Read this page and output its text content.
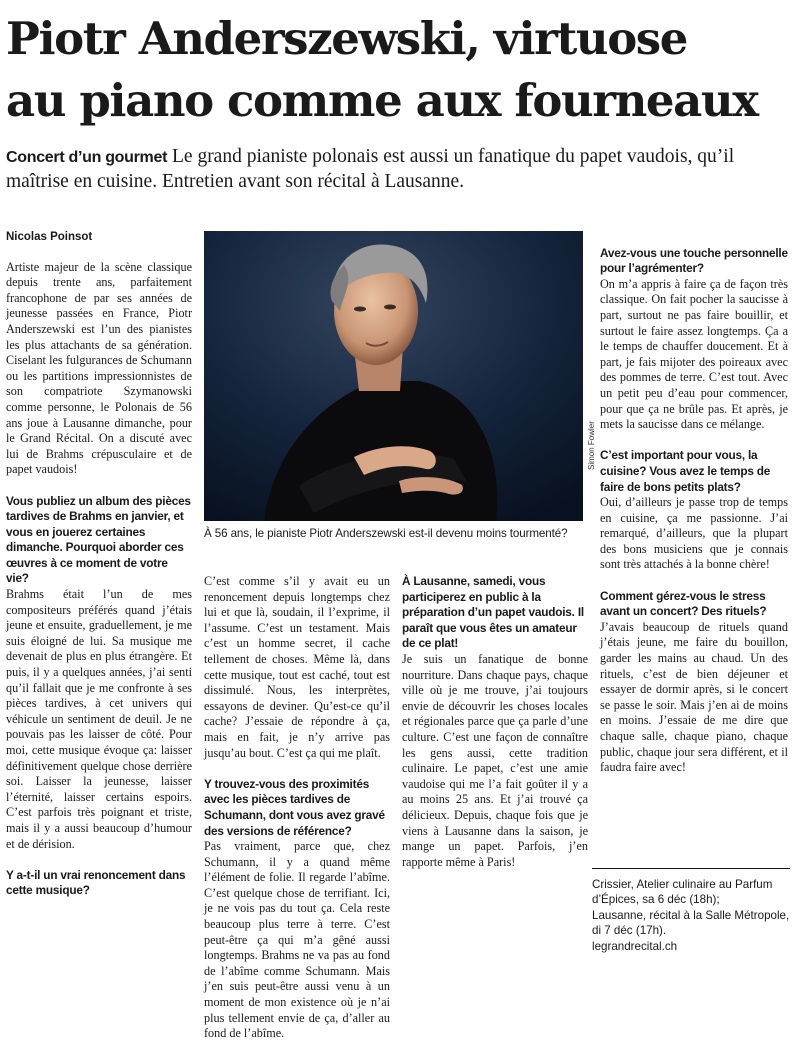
Piotr Anderszewski, virtuose
au piano comme aux fourneaux
Concert d’un gourmet Le grand pianiste polonais est aussi un fanatique du papet vaudois, qu’il maîtrise en cuisine. Entretien avant son récital à Lausanne.
Nicolas Poinsot

Artiste majeur de la scène classique depuis trente ans, parfaitement francophone de par ses années de jeunesse passées en France, Piotr Anderszewski est l’un des pianistes les plus attachants de sa génération. Ciselant les fulgurances de Schumann ou les partitions impressionnistes de son compatriote Szymanowski comme personne, le Polonais de 56 ans joue à Lausanne dimanche, pour le Grand Récital. On a discuté avec lui de Brahms crépusculaire et de papet vaudois!

Vous publiez un album des pièces tardives de Brahms en janvier, et vous en jouerez certaines dimanche. Pourquoi aborder ces œuvres à ce moment de votre vie?

Brahms était l’un de mes compositeurs préférés quand j’étais jeune et ensuite, graduellement, je me suis éloigné de lui. Sa musique me devenait de plus en plus étrangère. Et puis, il y a quelques années, j’ai senti qu’il fallait que je me confronte à ses pièces tardives, à cet univers qui véhicule un sentiment de deuil. Je ne pouvais pas les laisser de côté. Pour moi, cette musique évoque ça: laisser définitivement quelque chose derrière soi. Laisser la jeunesse, laisser l’éternité, laisser certains espoirs. C’est parfois très poignant et triste, mais il y a aussi beaucoup d’humour et de dérision.

Y a-t-il un vrai renoncement dans cette musique?

Simon Fowler
À 56 ans, le pianiste Piotr Anderszewski est-il devenu moins tourmenté?

C’est comme s’il y avait eu un renoncement depuis longtemps chez lui et que là, soudain, il l’exprime, il l’assume. C’est un testament. Mais c’est un homme secret, il cache tellement de choses. Même là, dans cette musique, tout est caché, tout est dissimulé. Nous, les interprètes, essayons de deviner. Qu’est-ce qu’il cache? J’essaie de répondre à ça, mais en fait, je n’y arrive pas jusqu’au bout. C’est ça qui me plaît.

Y trouvez-vous des proximités avec les pièces tardives de Schumann, dont vous avez gravé des versions de référence?

Pas vraiment, parce que, chez Schumann, il y a quand même l’élément de folie. Il regarde l’abîme. C’est quelque chose de terrifiant. Ici, je ne vois pas du tout ça. Cela reste beaucoup plus terre à terre. C’est peut-être ça qui m’a gêné aussi longtemps. Brahms ne va pas au fond de l’abîme comme Schumann. Mais j’en suis peut-être aussi venu à un moment de mon existence où je n’ai plus tellement envie de ça, d’aller au fond de l’abîme.

À Lausanne, samedi, vous participerez en public à la préparation d’un papet vaudois. Il paraît que vous êtes un amateur de ce plat!

Je suis un fanatique de bonne nourriture. Dans chaque pays, chaque ville où je me trouve, j’ai toujours envie de découvrir les choses locales et régionales parce que ça parle d’une culture. C’est une façon de connaître les gens aussi, cette tradition culinaire. Le papet, c’est une amie vaudoise qui me l’a fait goûter il y a au moins 25 ans. Et j’ai trouvé ça délicieux. Depuis, chaque fois que je viens à Lausanne dans la saison, je mange un papet. Parfois, j’en rapporte même à Paris!

Avez-vous une touche personnelle pour l’agrémenter?

On m’a appris à faire ça de façon très classique. On fait pocher la saucisse à part, surtout ne pas faire bouillir, et surtout le faire assez longtemps. Ça a le temps de chauffer doucement. Et à part, je fais mijoter des poireaux avec des pommes de terre. C’est tout. Avec un petit peu d’eau pour commencer, pour que ça ne brûle pas. Et après, je mets la saucisse dans ce mélange.

C’est important pour vous, la cuisine? Vous avez le temps de faire de bons petits plats?

Oui, d’ailleurs je passe trop de temps en cuisine, ça me passionne. J’ai remarqué, d’ailleurs, que la plupart des bons musiciens que je connais sont très attachés à la bonne chère!

Comment gérez-vous le stress avant un concert? Des rituels?

J’avais beaucoup de rituels quand j’étais jeune, me faire du bouillon, garder les mains au chaud. Un des rituels, c’est de bien déjeuner et essayer de dormir après, si le concert se passe le soir. Mais j’en ai de moins en moins. J’essaie de me dire que chaque salle, chaque piano, chaque public, chaque jour sera différent, et il faudra faire avec!

Crissier, Atelier culinaire au Parfum d’Épices, sa 6 déc (18h);
Lausanne, récital à la Salle Métropole, di 7 déc (17h).
legrandrecital.ch
